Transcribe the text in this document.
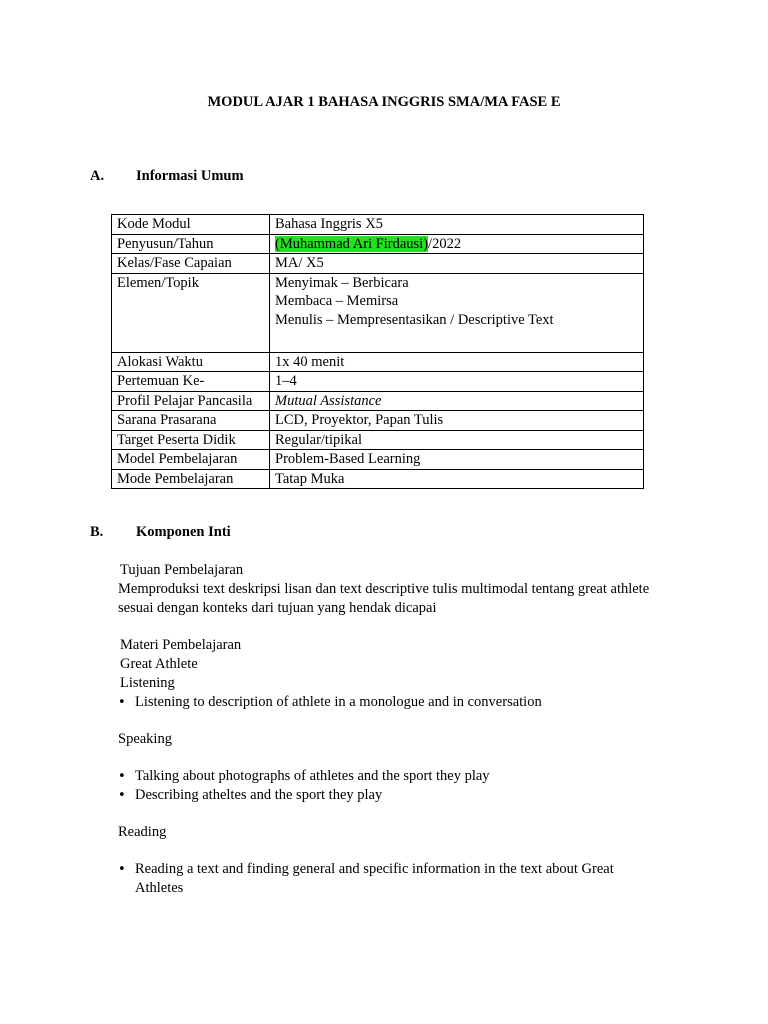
MODUL AJAR 1 BAHASA INGGRIS SMA/MA FASE E
A. Informasi Umum
Kode Modul	Bahasa Inggris X5
Penyusun/Tahun	(Muhammad Ari Firdausi)/2022
Kelas/Fase Capaian	MA/ X5
Elemen/Topik	Menyimak – Berbicara
Membaca – Memirsa
Menulis – Mempresentasikan / Descriptive Text

Alokasi Waktu	1x 40 menit
Pertemuan Ke-	1–4
Profil Pelajar Pancasila	Mutual Assistance
Sarana Prasarana	LCD, Proyektor, Papan Tulis
Target Peserta Didik	Regular/tipikal
Model Pembelajaran	Problem-Based Learning
Mode Pembelajaran	Tatap Muka
B. Komponen Inti
Tujuan Pembelajaran
Memproduksi text deskripsi lisan dan text descriptive tulis multimodal tentang great athlete
sesuai dengan konteks dari tujuan yang hendak dicapai
Materi Pembelajaran
Great Athlete
Listening
• Listening to description of athlete in a monologue and in conversation
Speaking
• Talking about photographs of athletes and the sport they play
• Describing atheltes and the sport they play
Reading
• Reading a text and finding general and specific information in the text about Great Athletes
